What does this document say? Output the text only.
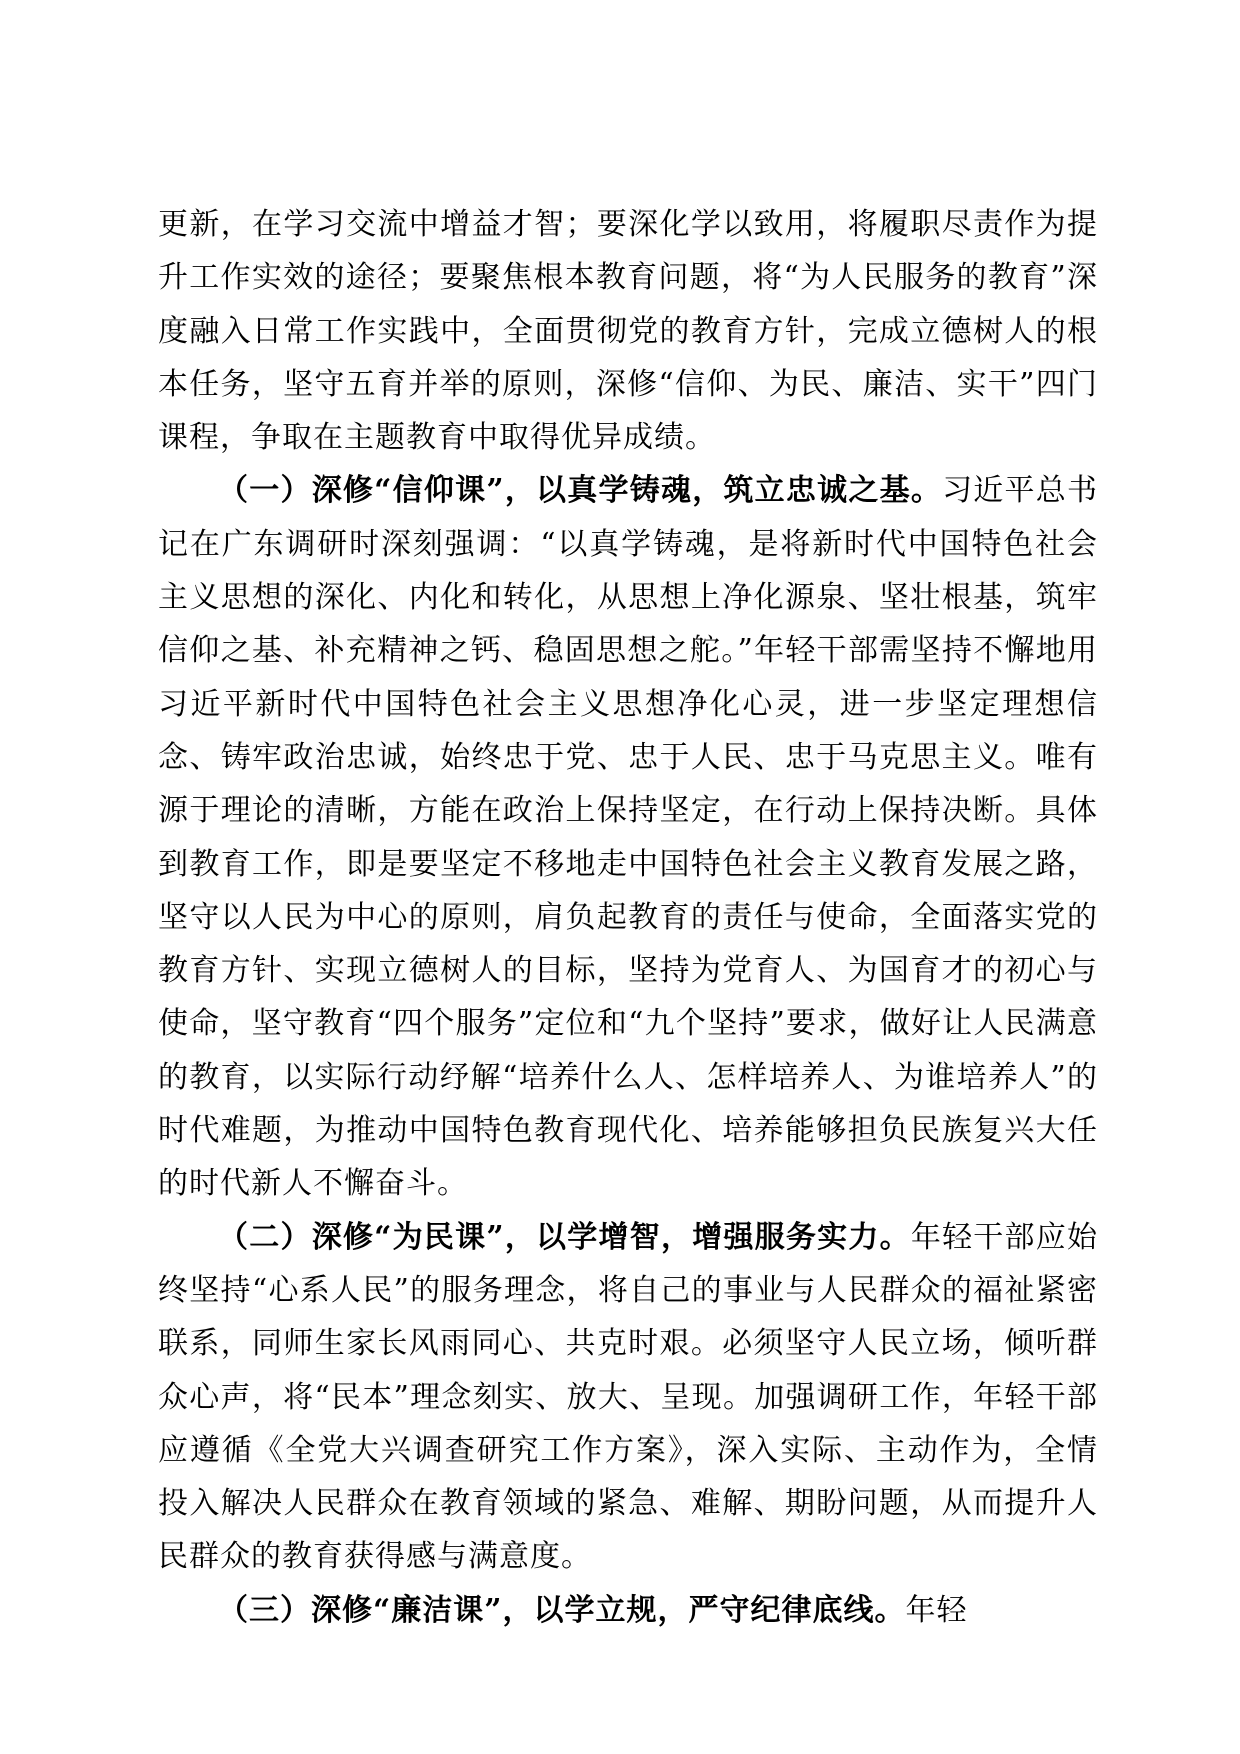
更新，在学习交流中增益才智；要深化学以致用，将履职尽责作为提升工作实效的途径；要聚焦根本教育问题，将“为人民服务的教育”深度融入日常工作实践中，全面贯彻党的教育方针，完成立德树人的根本任务，坚守五育并举的原则，深修“信仰、为民、廉洁、实干”四门课程，争取在主题教育中取得优异成绩。

（一）深修“信仰课”，以真学铸魂，筑立忠诚之基。习近平总书记在广东调研时深刻强调：“以真学铸魂，是将新时代中国特色社会主义思想的深化、内化和转化，从思想上净化源泉、坚壮根基，筑牢信仰之基、补充精神之钙、稳固思想之舵。”年轻干部需坚持不懈地用习近平新时代中国特色社会主义思想净化心灵，进一步坚定理想信念、铸牢政治忠诚，始终忠于党、忠于人民、忠于马克思主义。唯有源于理论的清晰，方能在政治上保持坚定，在行动上保持决断。具体到教育工作，即是要坚定不移地走中国特色社会主义教育发展之路，坚守以人民为中心的原则，肩负起教育的责任与使命，全面落实党的教育方针、实现立德树人的目标，坚持为党育人、为国育才的初心与使命，坚守教育“四个服务”定位和“九个坚持”要求，做好让人民满意的教育，以实际行动纾解“培养什么人、怎样培养人、为谁培养人”的时代难题，为推动中国特色教育现代化、培养能够担负民族复兴大任的时代新人不懈奋斗。

（二）深修“为民课”，以学增智，增强服务实力。年轻干部应始终坚持“心系人民”的服务理念，将自己的事业与人民群众的福祉紧密联系，同师生家长风雨同心、共克时艰。必须坚守人民立场，倾听群众心声，将“民本”理念刻实、放大、呈现。加强调研工作，年轻干部应遵循《全党大兴调查研究工作方案》，深入实际、主动作为，全情投入解决人民群众在教育领域的紧急、难解、期盼问题，从而提升人民群众的教育获得感与满意度。

（三）深修“廉洁课”，以学立规，严守纪律底线。年轻
